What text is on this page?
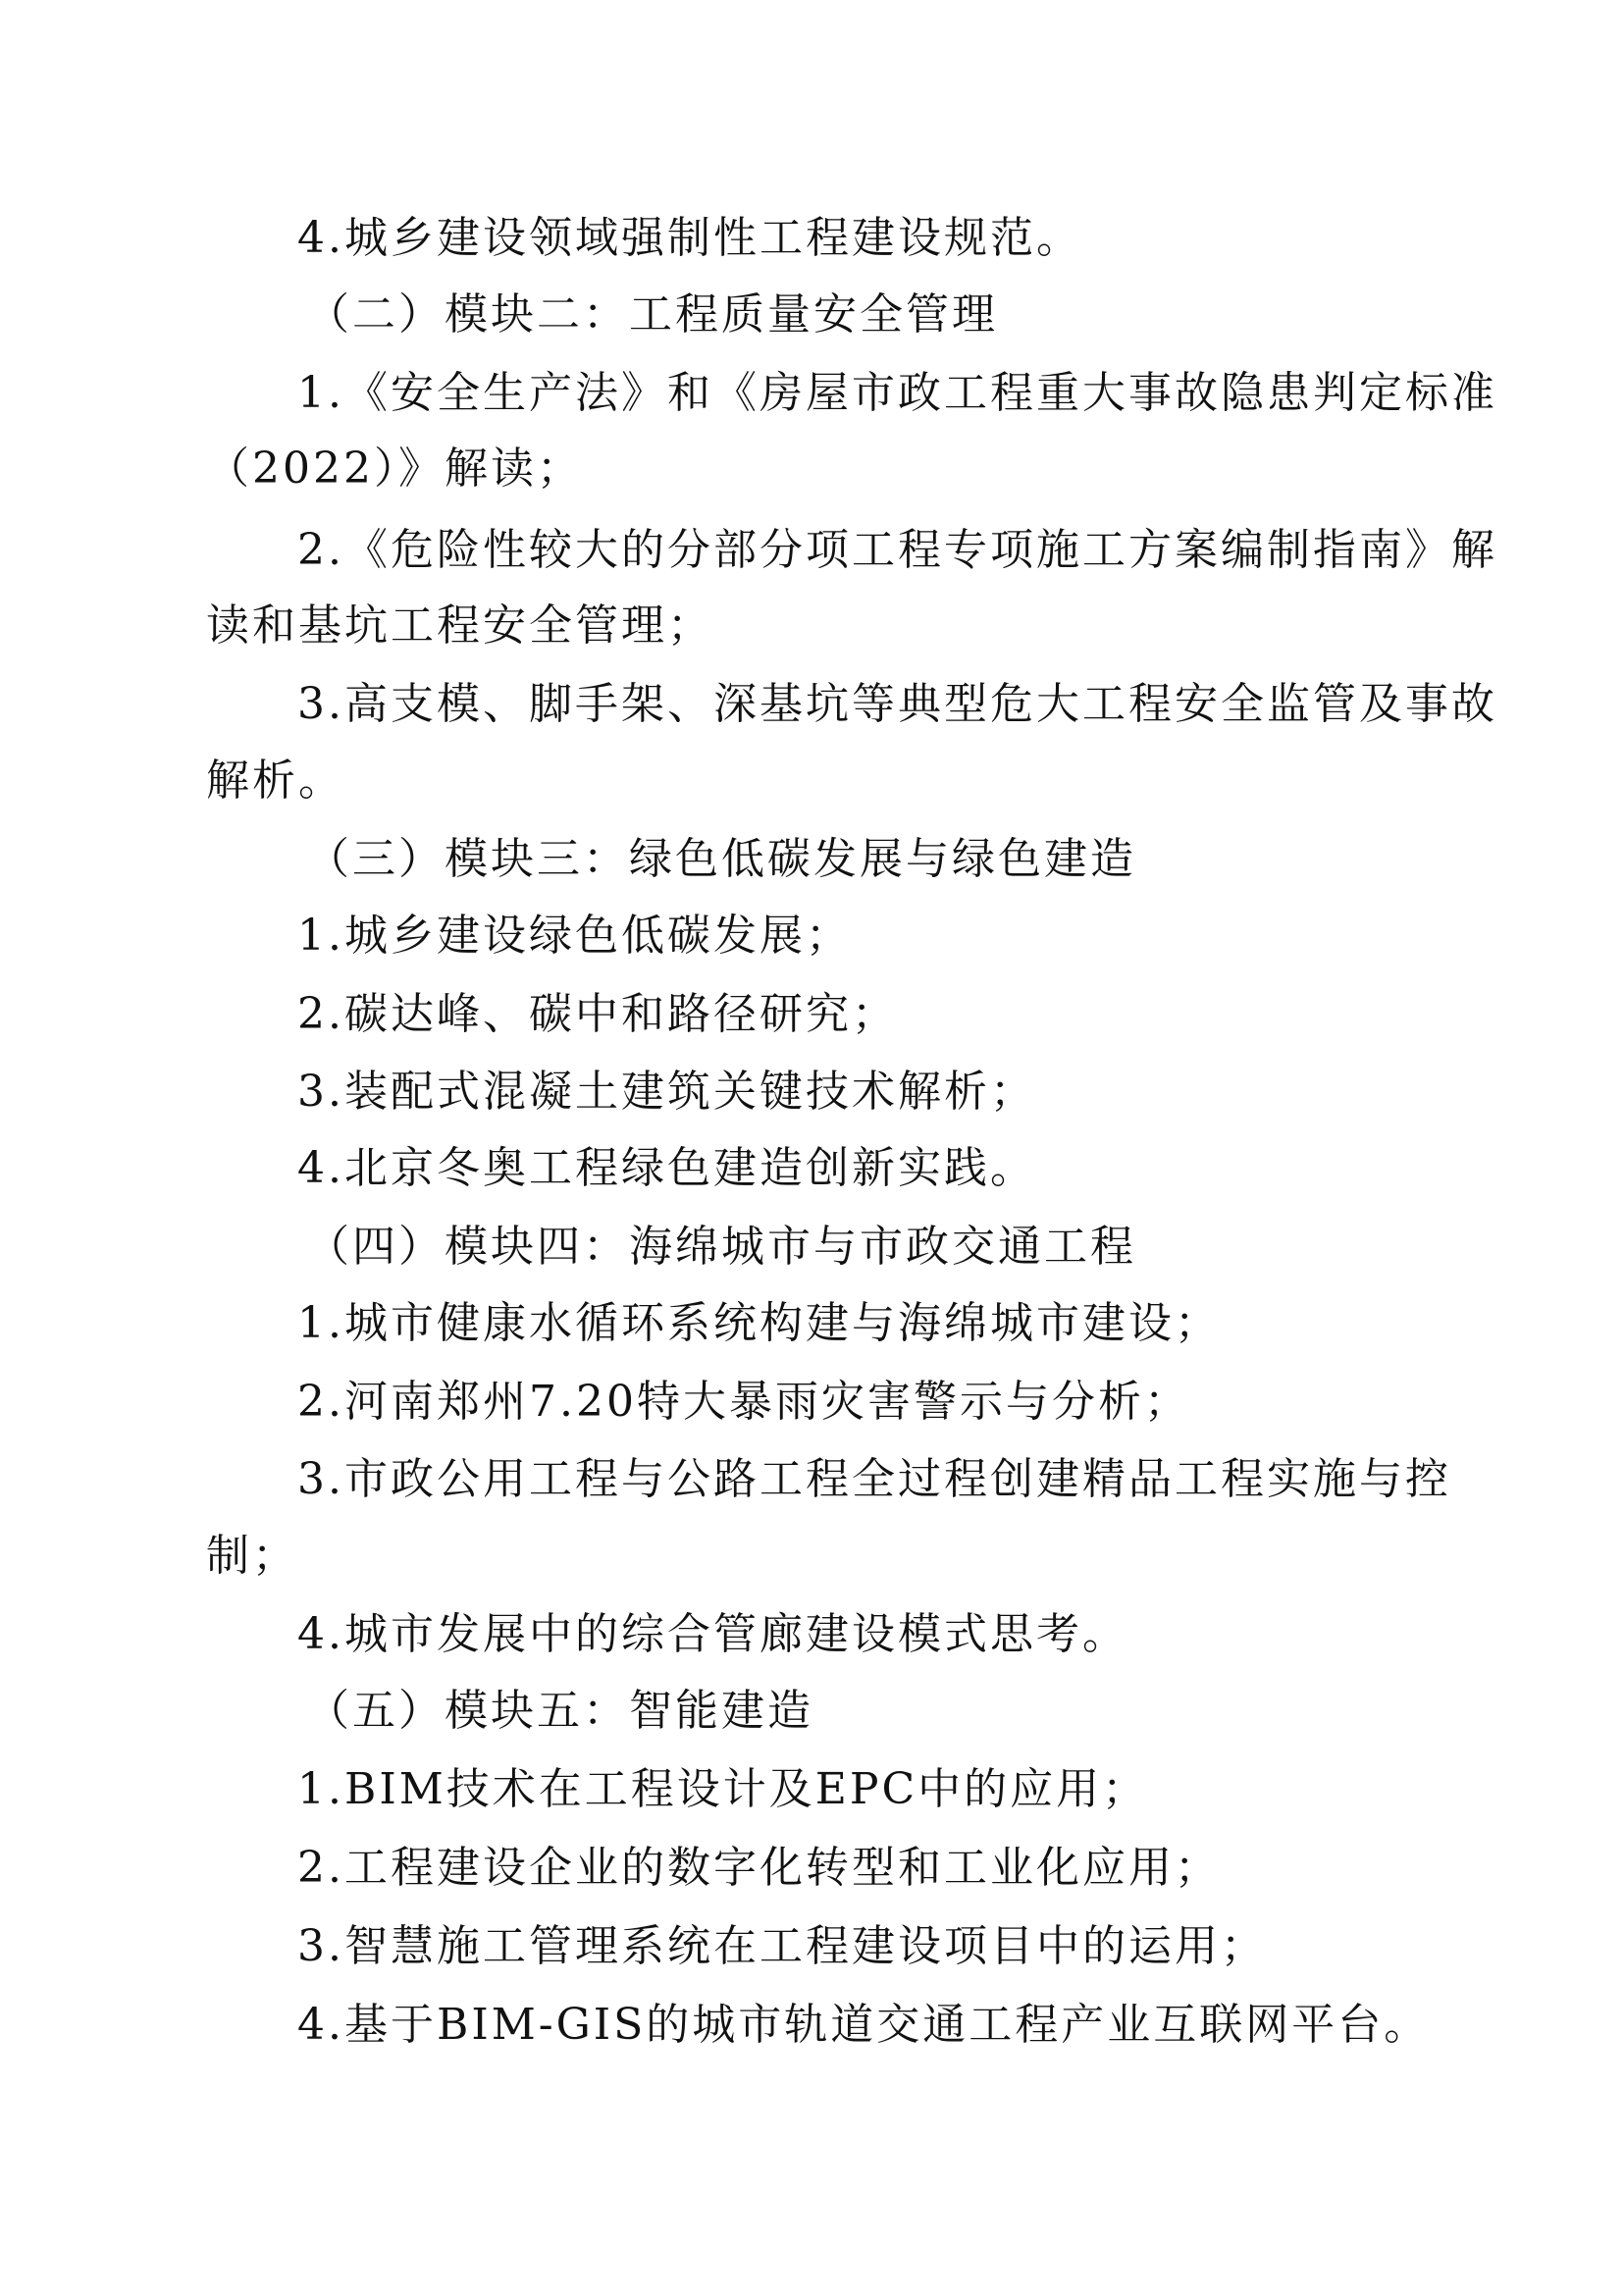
4.城乡建设领域强制性工程建设规范。
（二）模块二：工程质量安全管理
1.《安全生产法》和《房屋市政工程重大事故隐患判定标准
（2022）》解读；
2.《危险性较大的分部分项工程专项施工方案编制指南》解
读和基坑工程安全管理；
3.高支模、脚手架、深基坑等典型危大工程安全监管及事故
解析。
（三）模块三：绿色低碳发展与绿色建造
1.城乡建设绿色低碳发展；
2.碳达峰、碳中和路径研究；
3.装配式混凝土建筑关键技术解析；
4.北京冬奥工程绿色建造创新实践。
（四）模块四：海绵城市与市政交通工程
1.城市健康水循环系统构建与海绵城市建设；
2.河南郑州7.20特大暴雨灾害警示与分析；
3.市政公用工程与公路工程全过程创建精品工程实施与控
制；
4.城市发展中的综合管廊建设模式思考。
（五）模块五：智能建造
1.BIM技术在工程设计及EPC中的应用；
2.工程建设企业的数字化转型和工业化应用；
3.智慧施工管理系统在工程建设项目中的运用；
4.基于BIM-GIS的城市轨道交通工程产业互联网平台。
